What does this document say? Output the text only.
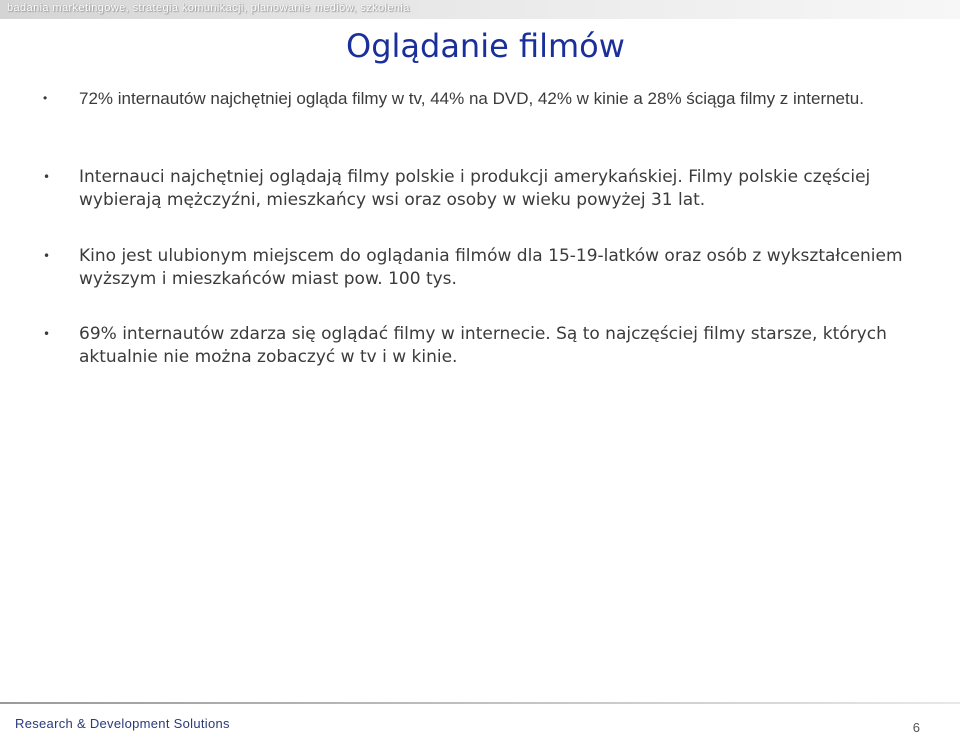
badania marketingowe, strategia komunikacji, planowanie mediów, szkolenia
Oglądanie filmów
• 72% internautów najchętniej ogląda filmy w tv, 44% na DVD, 42% w kinie a 28% ściąga filmy z internetu.
• Internauci najchętniej oglądają filmy polskie i produkcji amerykańskiej. Filmy polskie częściej wybierają mężczyźni, mieszkańcy wsi oraz osoby w wieku powyżej 31 lat.
• Kino jest ulubionym miejscem do oglądania filmów dla 15-19-latków oraz osób z wykształceniem wyższym i mieszkańców miast pow. 100 tys.
• 69% internautów zdarza się oglądać filmy w internecie. Są to najczęściej filmy starsze, których aktualnie nie można zobaczyć w tv i w kinie.
Research & Development Solutions	6
